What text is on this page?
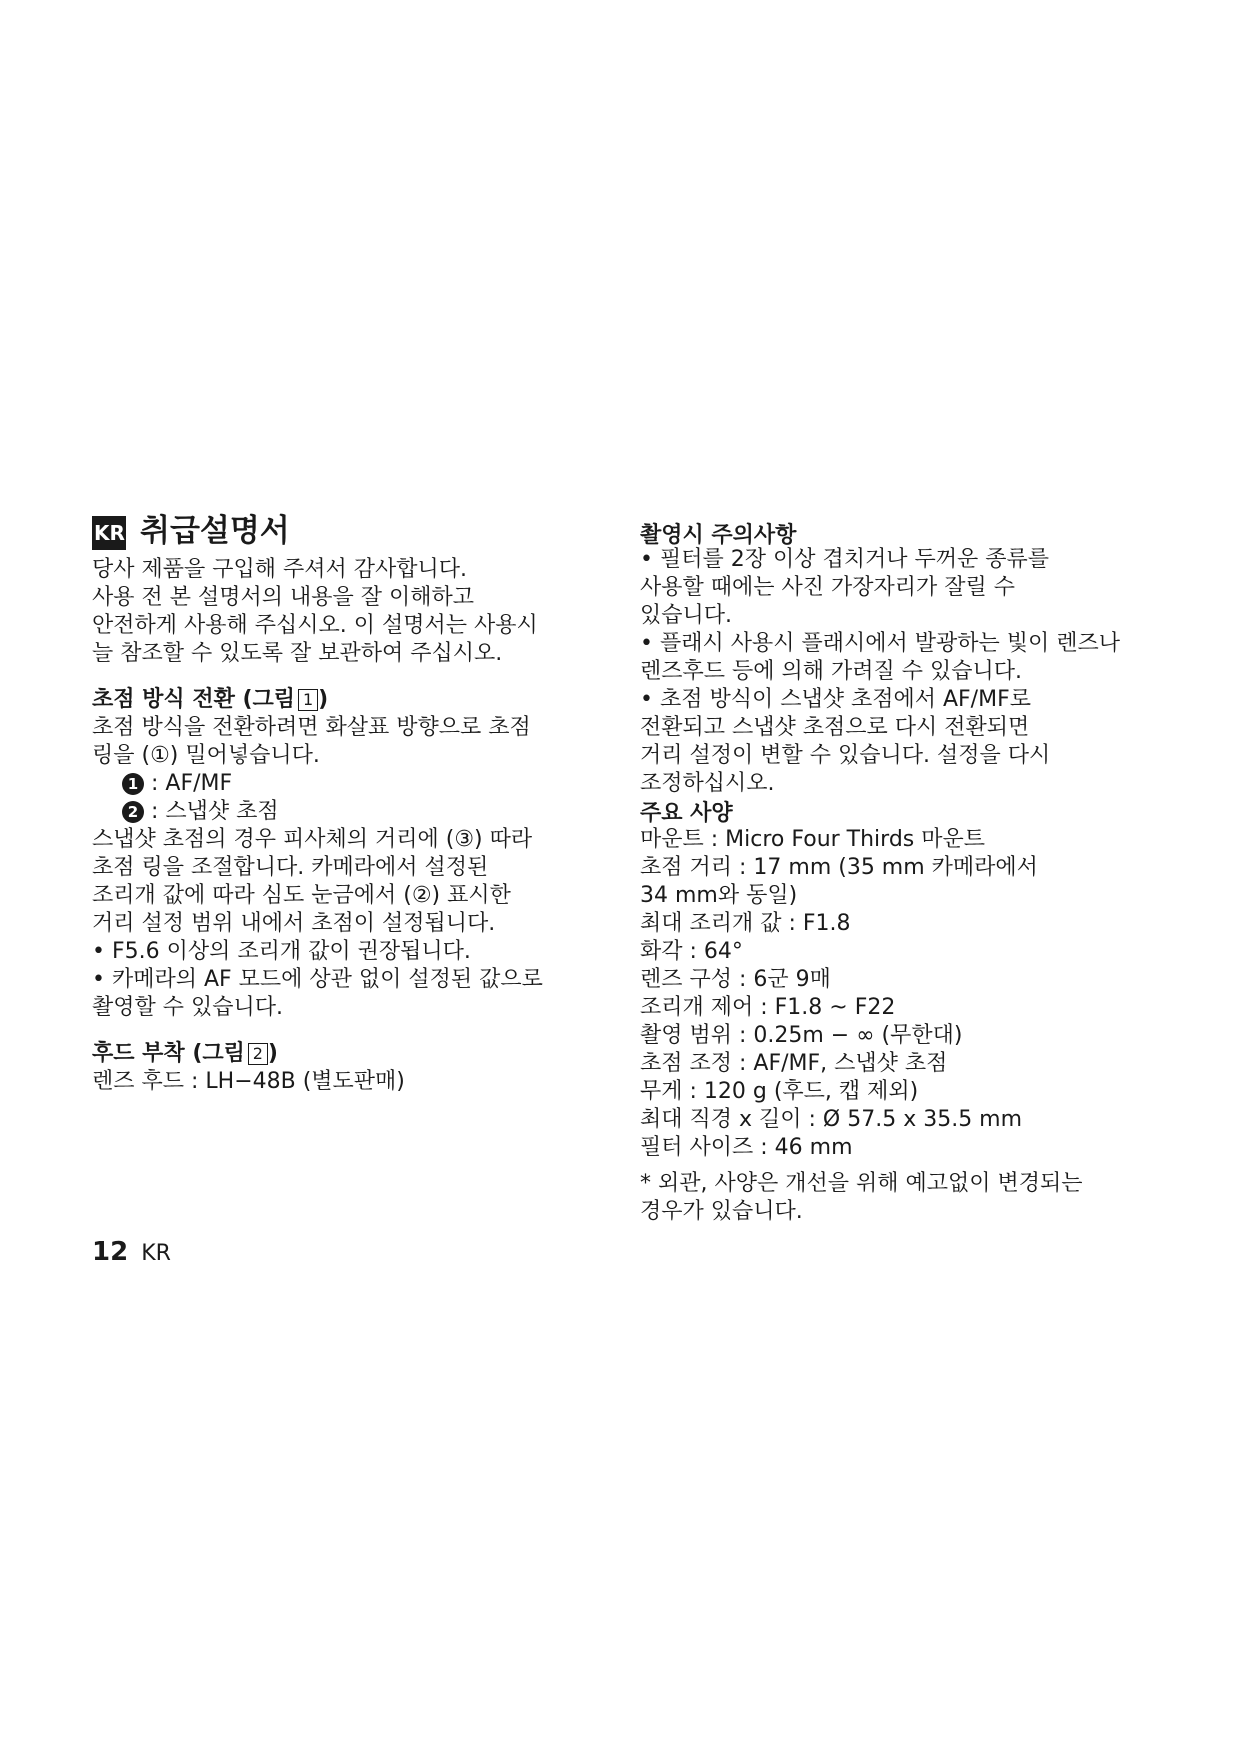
KR 취급설명서
당사 제품을 구입해 주셔서 감사합니다.
사용 전 본 설명서의 내용을 잘 이해하고
안전하게 사용해 주십시오. 이 설명서는 사용시
늘 참조할 수 있도록 잘 보관하여 주십시오.
초점 방식 전환 (그림 1 )
초점 방식을 전환하려면 화살표 방향으로 초점
링을 (①) 밀어넣습니다.
1 : AF/MF
2 : 스냅샷 초점
스냅샷 초점의 경우 피사체의 거리에 (③) 따라
초점 링을 조절합니다. 카메라에서 설정된
조리개 값에 따라 심도 눈금에서 (②) 표시한
거리 설정 범위 내에서 초점이 설정됩니다.
• F5.6 이상의 조리개 값이 권장됩니다.
• 카메라의 AF 모드에 상관 없이 설정된 값으로
촬영할 수 있습니다.
후드 부착 (그림 2 )
렌즈 후드 : LH−48B (별도판매)
12 KR
촬영시 주의사항
• 필터를 2장 이상 겹치거나 두꺼운 종류를
사용할 때에는 사진 가장자리가 잘릴 수
있습니다.
• 플래시 사용시 플래시에서 발광하는 빛이 렌즈나
렌즈후드 등에 의해 가려질 수 있습니다.
• 초점 방식이 스냅샷 초점에서 AF/MF로
전환되고 스냅샷 초점으로 다시 전환되면
거리 설정이 변할 수 있습니다. 설정을 다시
조정하십시오.
주요 사양
마운트 : Micro Four Thirds 마운트
초점 거리 : 17 mm (35 mm 카메라에서
34 mm와 동일)
최대 조리개 값 : F1.8
화각 : 64°
렌즈 구성 : 6군 9매
조리개 제어 : F1.8 ~ F22
촬영 범위 : 0.25m − ∞ (무한대)
초점 조정 : AF/MF, 스냅샷 초점
무게 : 120 g (후드, 캡 제외)
최대 직경 x 길이 : Ø 57.5 x 35.5 mm
필터 사이즈 : 46 mm
* 외관, 사양은 개선을 위해 예고없이 변경되는
경우가 있습니다.
